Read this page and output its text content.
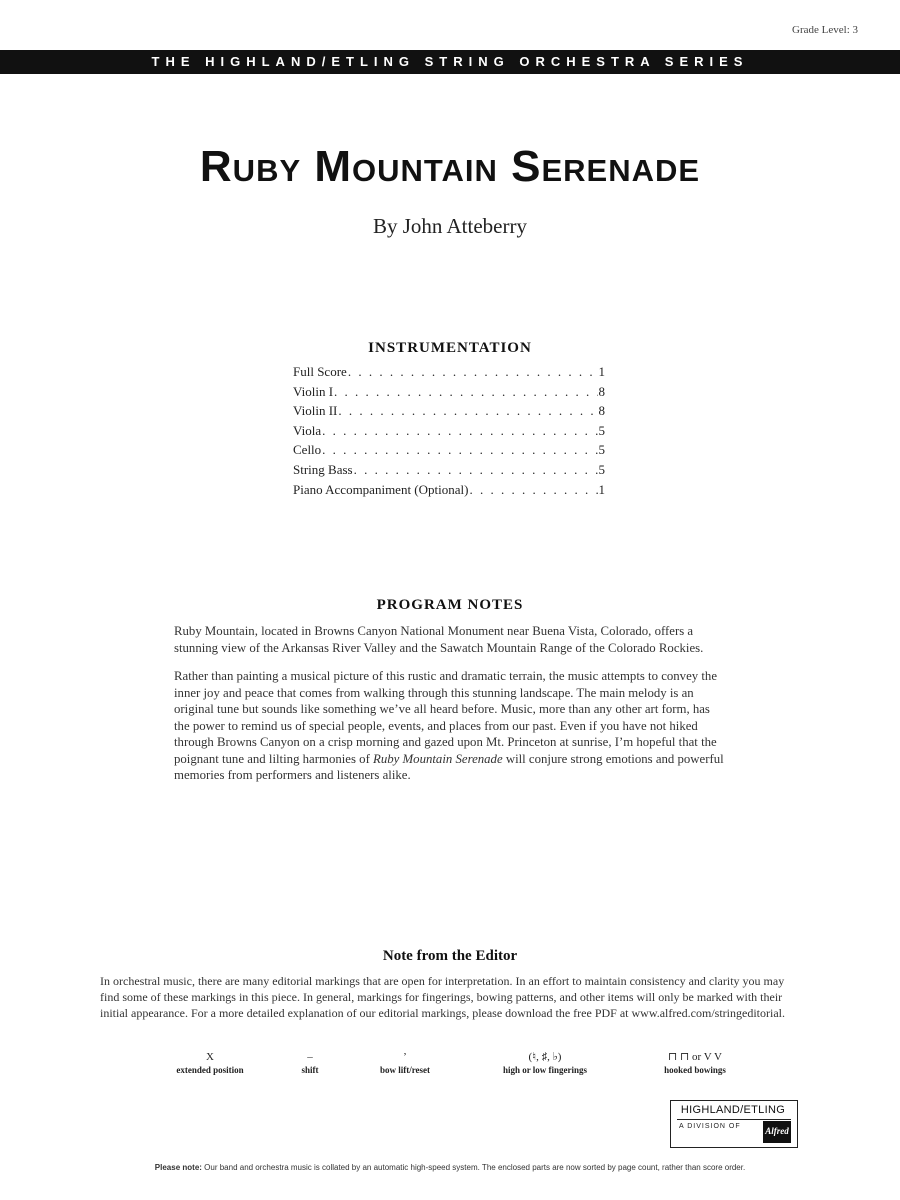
Grade Level: 3
THE HIGHLAND/ETLING STRING ORCHESTRA SERIES
Ruby Mountain Serenade
By John Atteberry
INSTRUMENTATION
Full Score . . .	1
Violin I . . .	8
Violin II . . .	8
Viola . . .	5
Cello . . .	5
String Bass . . .	5
Piano Accompaniment (Optional) . . .	1
PROGRAM NOTES

Ruby Mountain, located in Browns Canyon National Monument near Buena Vista, Colorado, offers a stunning view of the Arkansas River Valley and the Sawatch Mountain Range of the Colorado Rockies.

Rather than painting a musical picture of this rustic and dramatic terrain, the music attempts to convey the inner joy and peace that comes from walking through this stunning landscape. The main melody is an original tune but sounds like something we’ve all heard before. Music, more than any other art form, has the power to remind us of special people, events, and places from our past. Even if you have not hiked through Browns Canyon on a crisp morning and gazed upon Mt. Princeton at sunrise, I’m hopeful that the poignant tune and lilting harmonies of Ruby Mountain Serenade will conjure strong emotions and powerful memories from performers and listeners alike.

Note from the Editor
In orchestral music, there are many editorial markings that are open for interpretation. In an effort to maintain consistency and clarity you may find some of these markings in this piece. In general, markings for fingerings, bowing patterns, and other items will only be marked with their initial appearance. For a more detailed explanation of our editorial markings, please download the free PDF at www.alfred.com/stringeditorial.
X
extended position
–
shift
’
bow lift/reset
(♮, ♯, ♭)
high or low fingerings
⊓ ⊓ or V V
hooked bowings
HIGHLAND/ETLING
A DIVISION OF	Alfred
Please note: Our band and orchestra music is collated by an automatic high-speed system. The enclosed parts are now sorted by page count, rather than score order.
